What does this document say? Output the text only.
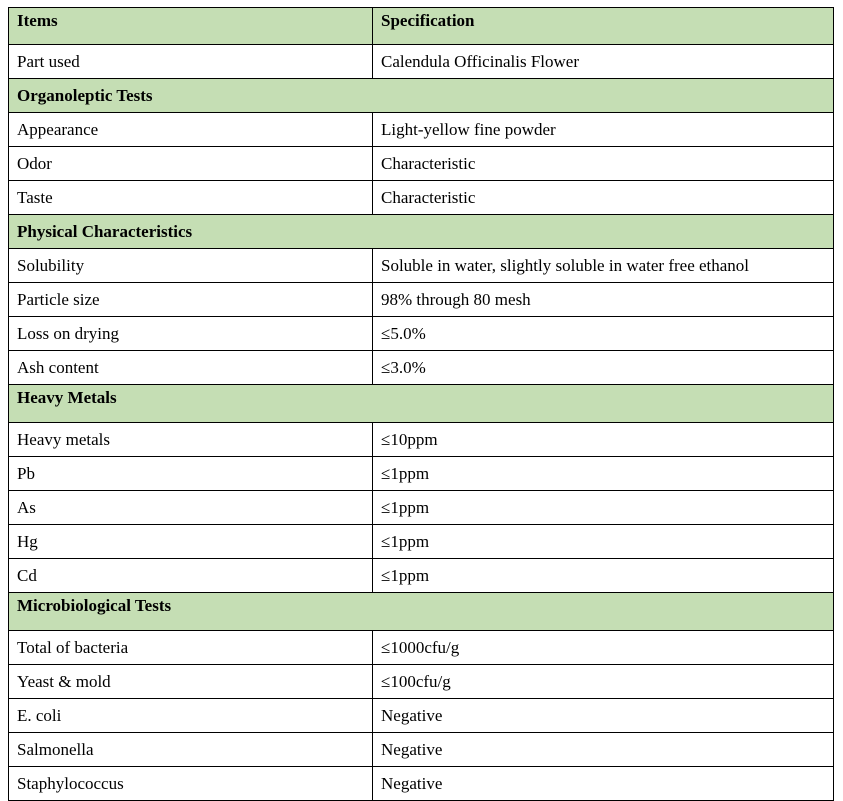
Items	Specification
Part used	Calendula Officinalis Flower
Organoleptic Tests	
Appearance	Light-yellow fine powder
Odor	Characteristic
Taste	Characteristic
Physical Characteristics	
Solubility	Soluble in water, slightly soluble in water free ethanol
Particle size	98% through 80 mesh
Loss on drying	≤5.0%
Ash content	≤3.0%
Heavy Metals	
Heavy metals	≤10ppm
Pb	≤1ppm
As	≤1ppm
Hg	≤1ppm
Cd	≤1ppm
Microbiological Tests	
Total of bacteria	≤1000cfu/g
Yeast & mold	≤100cfu/g
E. coli	Negative
Salmonella	Negative
Staphylococcus	Negative
